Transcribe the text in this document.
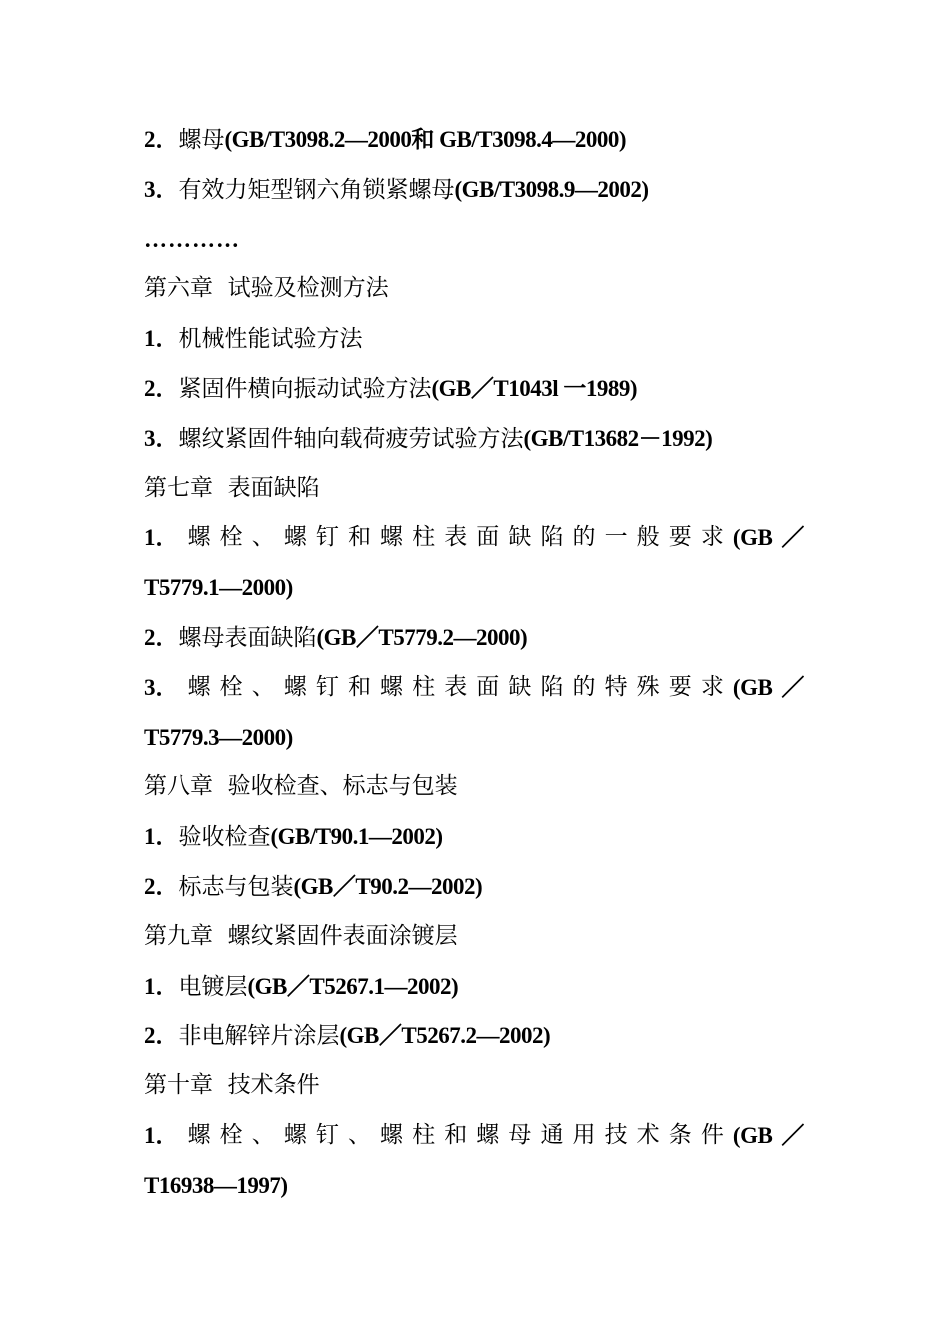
2．螺母(GB/T3098.2—2000和 GB/T3098.4—2000)
3．有效力矩型钢六角锁紧螺母(GB/T3098.9—2002)
…………
第六章  试验及检测方法
1．机械性能试验方法
2．紧固件横向振动试验方法(GB／T1043l 一1989)
3．螺纹紧固件轴向载荷疲劳试验方法(GB/T13682－1992)
第七章  表面缺陷
1． 螺 栓 、 螺 钉 和 螺 柱 表 面 缺 陷 的 一 般 要 求 (GB ／
T5779.1—2000)
2．螺母表面缺陷(GB／T5779.2—2000)
3． 螺 栓 、 螺 钉 和 螺 柱 表 面 缺 陷 的 特 殊 要 求 (GB ／
T5779.3—2000)
第八章  验收检查、标志与包装
1．验收检查(GB/T90.1—2002)
2．标志与包装(GB／T90.2—2002)
第九章  螺纹紧固件表面涂镀层
1．电镀层(GB／T5267.1—2002)
2．非电解锌片涂层(GB／T5267.2—2002)
第十章  技术条件
1． 螺 栓 、 螺 钉 、 螺 柱 和 螺 母 通 用 技 术 条 件 (GB ／
T16938—1997)
